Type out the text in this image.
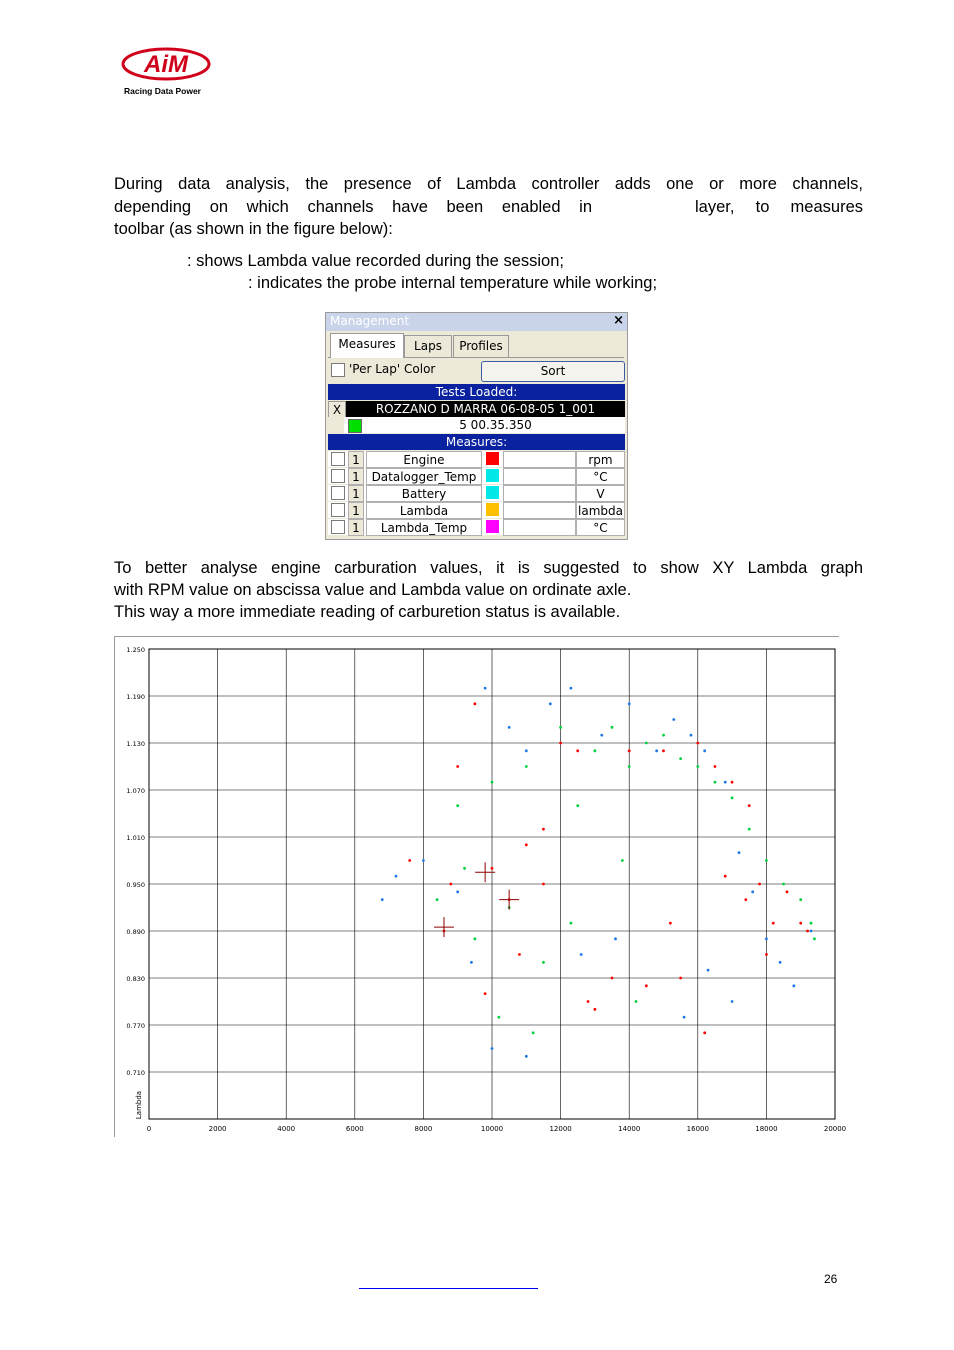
AiM
Racing Data Power
During data analysis, the presence of Lambda controller adds one or more channels,
depending on which channels have been enabled in	layer, to measures
toolbar (as shown in the figure below):
: shows Lambda value recorded during the session;
: indicates the probe internal temperature while working;
Management	×
Measures	Laps	Profiles
'Per Lap' Color	Sort
Tests Loaded:
X	ROZZANO D MARRA 06-08-05 1_001
5 00.35.350
Measures:
1	Engine	rpm
1 Datalogger_Temp	°C
1	Battery	V
1	Lambda	lambda
1	Lambda_Temp	°C
To better analyse engine carburation values, it is suggested to show XY Lambda graph
with RPM value on abscissa value and Lambda value on ordinate axle.
This way a more immediate reading of carburetion status is available.
0	2000	4000	6000	8000	10000	12000	14000	16000	18000	20000
1.250
1.190
1.130
1.070
1.010
0.950
0.890
0.830
0.770
0.710
Lambda
26
